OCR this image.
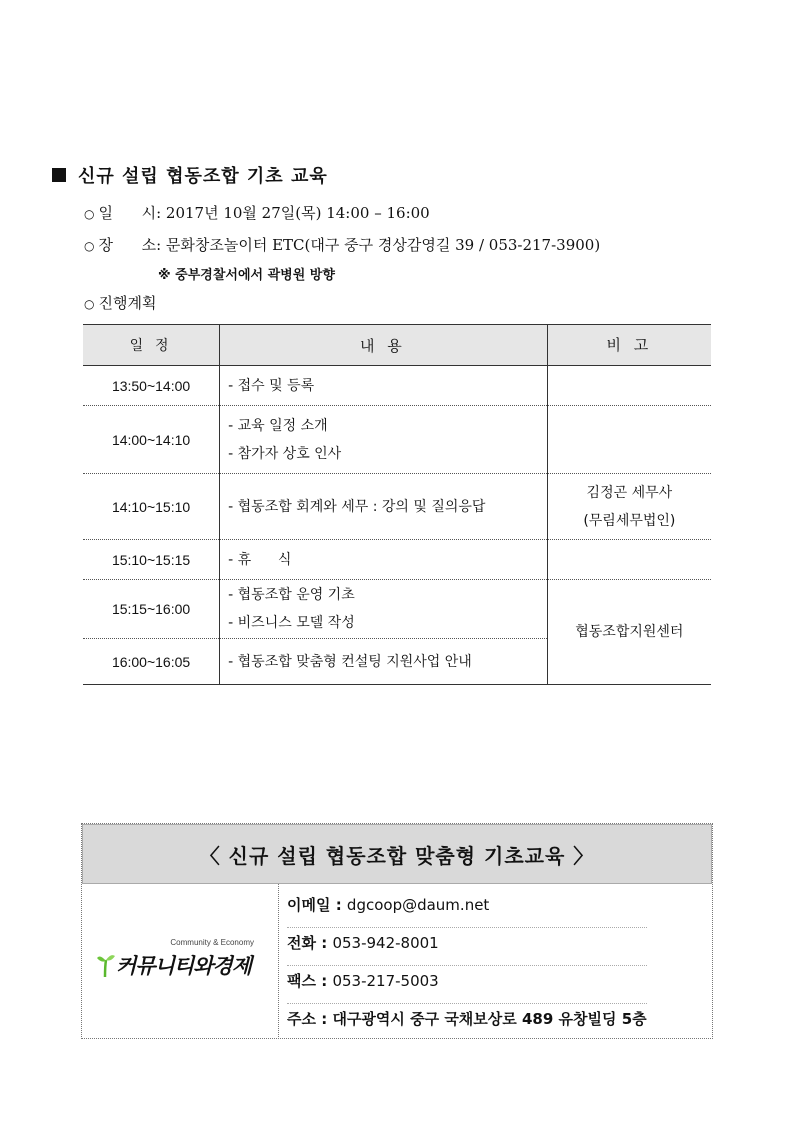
신규 설립 협동조합 기초 교육
○ 일      시: 2017년 10월 27일(목) 14:00 – 16:00
○ 장      소: 문화창조놀이터 ETC(대구 중구 경상감영길 39 / 053-217-3900)
※ 중부경찰서에서 곽병원 방향
○ 진행계획
일 정	내 용	비 고
13:50~14:00	- 접수 및 등록	

14:00~14:10	- 교육 일정 소개
- 참가자 상호 인사	

14:10~15:10	- 협동조합 회계와 세무 : 강의 및 질의응답	김정곤 세무사
(무림세무법인)

15:10~15:15	- 휴      식	

15:15~16:00	- 협동조합 운영 기초
- 비즈니스 모델 작성	협동조합지원센터
16:00~16:05	- 협동조합 맞춤형 컨설팅 지원사업 안내	
〈 신규 설립 협동조합 맞춤형 기초교육 〉
Community & Economy
커뮤니티와경제
이메일 : dgcoop@daum.net
전화 : 053-942-8001
팩스 : 053-217-5003
주소 : 대구광역시 중구 국채보상로 489 유창빌딩 5층
